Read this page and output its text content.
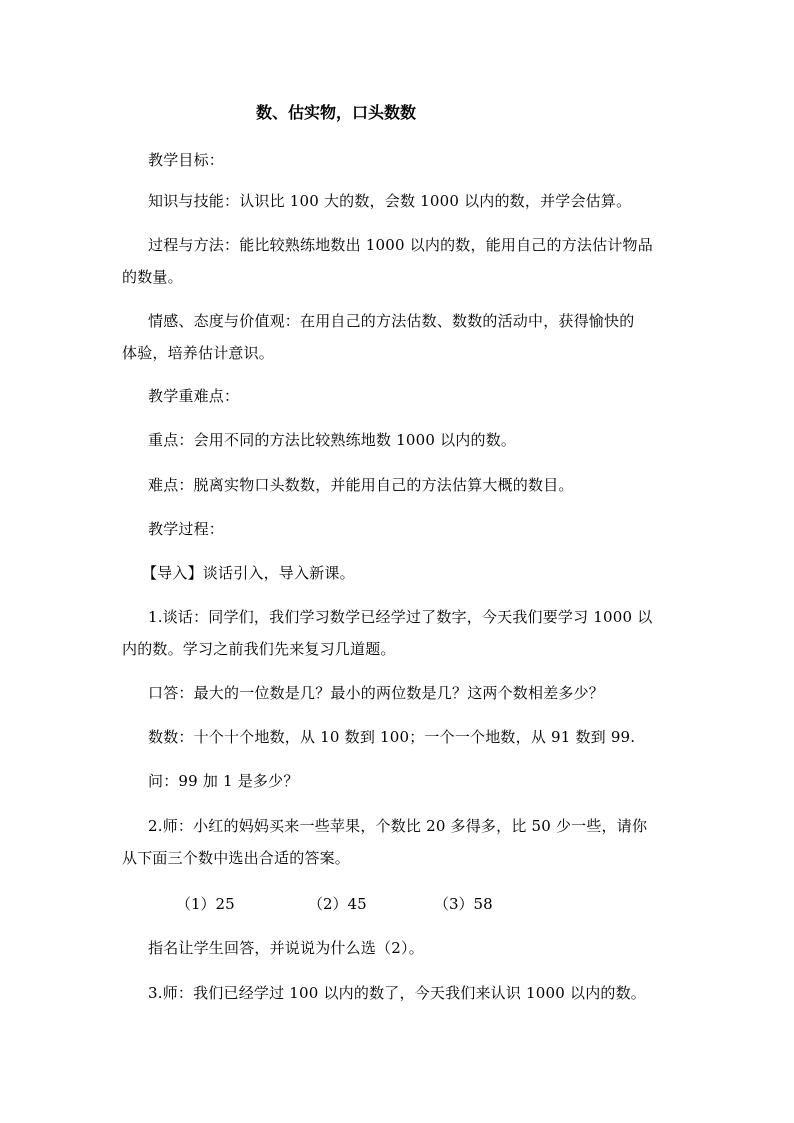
数、估实物，口头数数
教学目标：
知识与技能：认识比 100 大的数，会数 1000 以内的数，并学会估算。
过程与方法：能比较熟练地数出 1000 以内的数，能用自己的方法估计物品
的数量。
情感、态度与价值观：在用自己的方法估数、数数的活动中，获得愉快的
体验，培养估计意识。
教学重难点：
重点：会用不同的方法比较熟练地数 1000 以内的数。
难点：脱离实物口头数数，并能用自己的方法估算大概的数目。
教学过程：
【导入】谈话引入，导入新课。
1.谈话：同学们，我们学习数学已经学过了数字，今天我们要学习 1000 以
内的数。学习之前我们先来复习几道题。
口答：最大的一位数是几？最小的两位数是几？这两个数相差多少？
数数：十个十个地数，从 10 数到 100；一个一个地数，从 91 数到 99.
问：99 加 1 是多少？
2.师：小红的妈妈买来一些苹果，个数比 20 多得多，比 50 少一些，请你
从下面三个数中选出合适的答案。
（1）25	（2）45	（3）58
指名让学生回答，并说说为什么选（2）。
3.师：我们已经学过 100 以内的数了，今天我们来认识 1000 以内的数。
